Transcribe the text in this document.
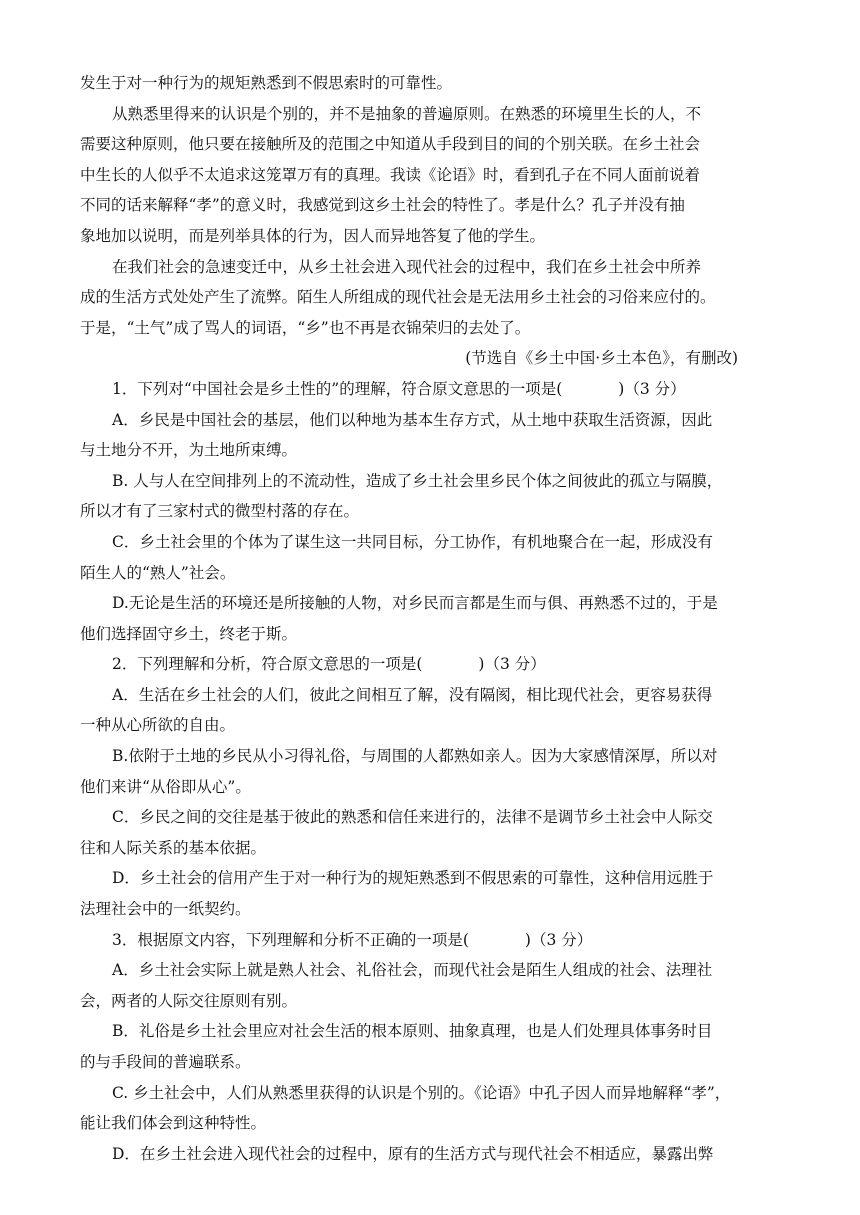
发生于对一种行为的规矩熟悉到不假思索时的可靠性。

从熟悉里得来的认识是个别的，并不是抽象的普遍原则。在熟悉的环境里生长的人，不
需要这种原则，他只要在接触所及的范围之中知道从手段到目的间的个别关联。在乡土社会
中生长的人似乎不太追求这笼罩万有的真理。我读《论语》时，看到孔子在不同人面前说着
不同的话来解释“孝”的意义时，我感觉到这乡土社会的特性了。孝是什么？孔子并没有抽
象地加以说明，而是列举具体的行为，因人而异地答复了他的学生。

在我们社会的急速变迁中，从乡土社会进入现代社会的过程中，我们在乡土社会中所养
成的生活方式处处产生了流弊。陌生人所组成的现代社会是无法用乡土社会的习俗来应付的。
于是，“土气”成了骂人的词语，“乡”也不再是衣锦荣归的去处了。

(节选自《乡土中国·乡土本色》，有删改)

1．下列对“中国社会是乡土性的”的理解，符合原文意思的一项是(	)（3 分）

A．乡民是中国社会的基层，他们以种地为基本生存方式，从土地中获取生活资源，因此
与土地分不开，为土地所束缚。

B. 人与人在空间排列上的不流动性，造成了乡土社会里乡民个体之间彼此的孤立与隔膜，
所以才有了三家村式的微型村落的存在。

C．乡土社会里的个体为了谋生这一共同目标，分工协作，有机地聚合在一起，形成没有
陌生人的“熟人”社会。

D.无论是生活的环境还是所接触的人物，对乡民而言都是生而与俱、再熟悉不过的，于是
他们选择固守乡土，终老于斯。

2．下列理解和分析，符合原文意思的一项是(	)（3 分）

A．生活在乡土社会的人们，彼此之间相互了解，没有隔阂，相比现代社会，更容易获得
一种从心所欲的自由。

B.依附于土地的乡民从小习得礼俗，与周围的人都熟如亲人。因为大家感情深厚，所以对
他们来讲“从俗即从心”。

C．乡民之间的交往是基于彼此的熟悉和信任来进行的，法律不是调节乡土社会中人际交
往和人际关系的基本依据。

D．乡土社会的信用产生于对一种行为的规矩熟悉到不假思索的可靠性，这种信用远胜于
法理社会中的一纸契约。

3．根据原文内容，下列理解和分析不正确的一项是(	)（3 分）

A．乡土社会实际上就是熟人社会、礼俗社会，而现代社会是陌生人组成的社会、法理社
会，两者的人际交往原则有别。

B．礼俗是乡土社会里应对社会生活的根本原则、抽象真理，也是人们处理具体事务时目
的与手段间的普遍联系。

C. 乡土社会中，人们从熟悉里获得的认识是个别的。《论语》中孔子因人而异地解释“孝”，
能让我们体会到这种特性。

D．在乡土社会进入现代社会的过程中，原有的生活方式与现代社会不相适应，暴露出弊
